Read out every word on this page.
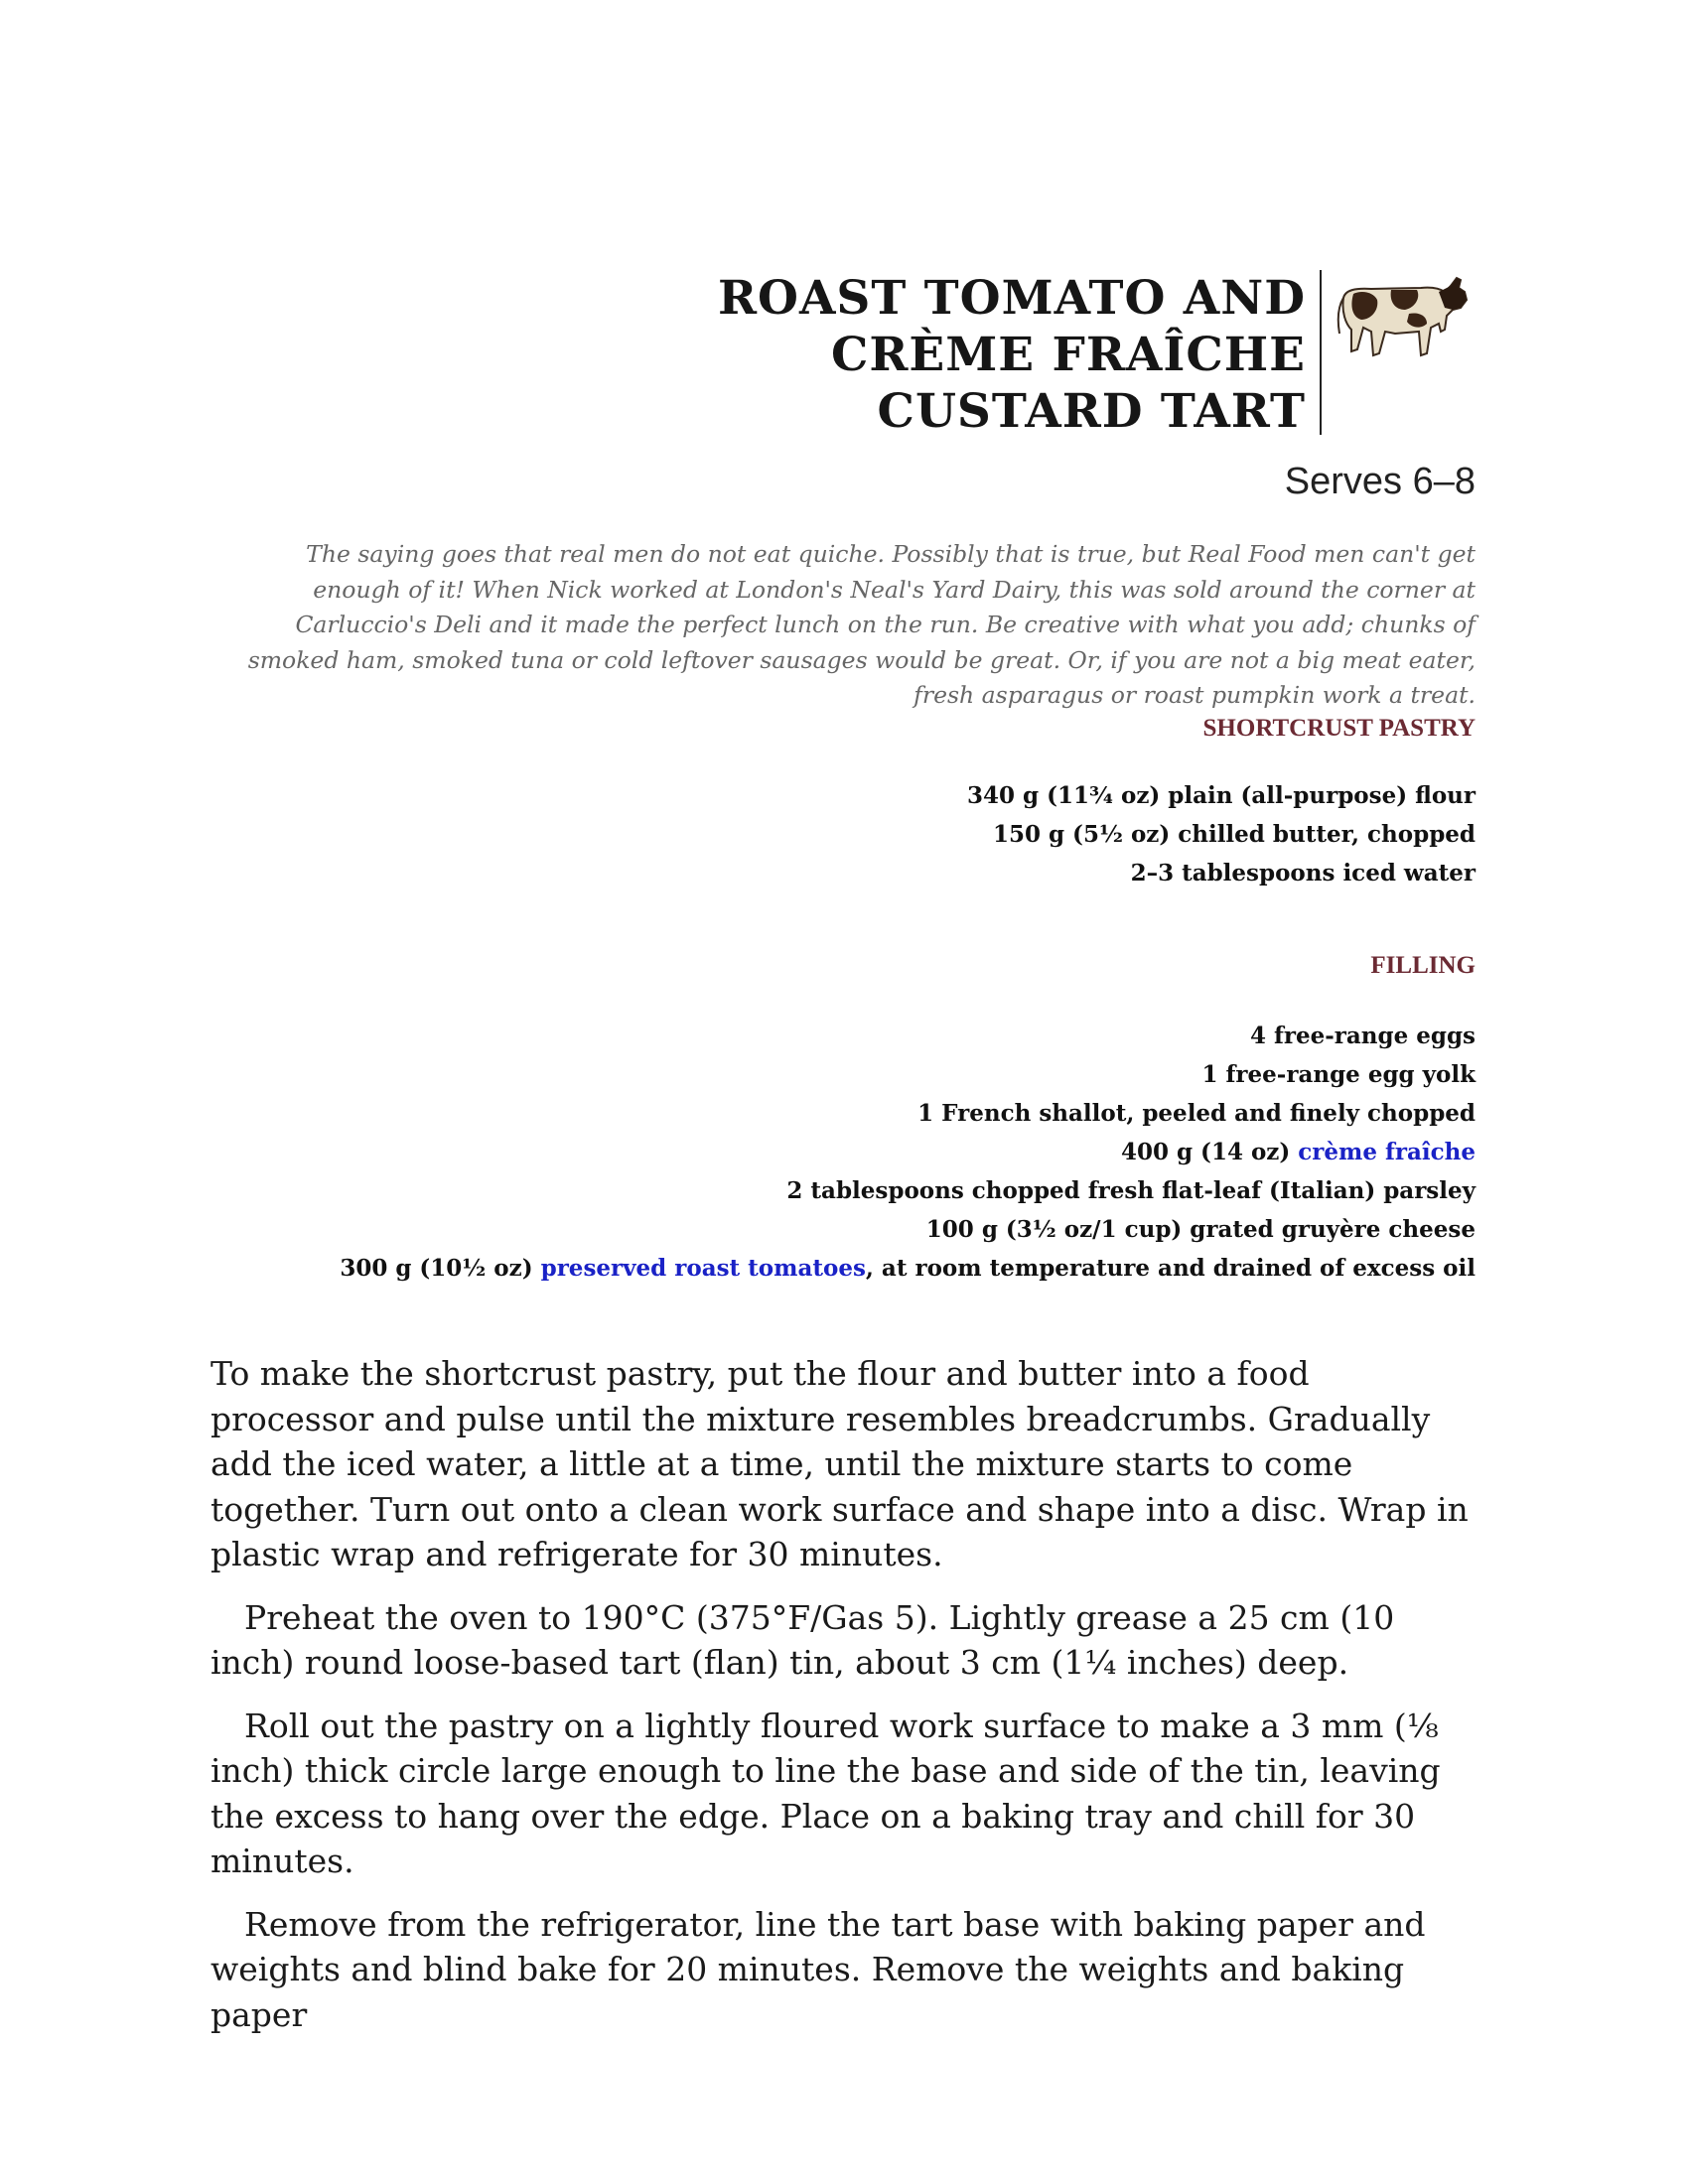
ROAST TOMATO AND
CRÈME FRAÎCHE
CUSTARD TART
Serves 6–8
The saying goes that real men do not eat quiche. Possibly that is true, but Real Food men can't get enough of it! When Nick worked at London's Neal's Yard Dairy, this was sold around the corner at Carluccio's Deli and it made the perfect lunch on the run. Be creative with what you add; chunks of smoked ham, smoked tuna or cold leftover sausages would be great. Or, if you are not a big meat eater, fresh asparagus or roast pumpkin work a treat.
SHORTCRUST PASTRY
340 g (11¾ oz) plain (all-purpose) flour
150 g (5½ oz) chilled butter, chopped
2–3 tablespoons iced water
FILLING
4 free-range eggs
1 free-range egg yolk
1 French shallot, peeled and finely chopped
400 g (14 oz) crème fraîche
2 tablespoons chopped fresh flat-leaf (Italian) parsley
100 g (3½ oz/1 cup) grated gruyère cheese
300 g (10½ oz) preserved roast tomatoes, at room temperature and drained of excess oil

To make the shortcrust pastry, put the flour and butter into a food processor and pulse until the mixture resembles breadcrumbs. Gradually add the iced water, a little at a time, until the mixture starts to come together. Turn out onto a clean work surface and shape into a disc. Wrap in plastic wrap and refrigerate for 30 minutes.

Preheat the oven to 190°C (375°F/Gas 5). Lightly grease a 25 cm (10 inch) round loose-based tart (flan) tin, about 3 cm (1¼ inches) deep.

Roll out the pastry on a lightly floured work surface to make a 3 mm (⅛ inch) thick circle large enough to line the base and side of the tin, leaving the excess to hang over the edge. Place on a baking tray and chill for 30 minutes.

Remove from the refrigerator, line the tart base with baking paper and weights and blind bake for 20 minutes. Remove the weights and baking paper
